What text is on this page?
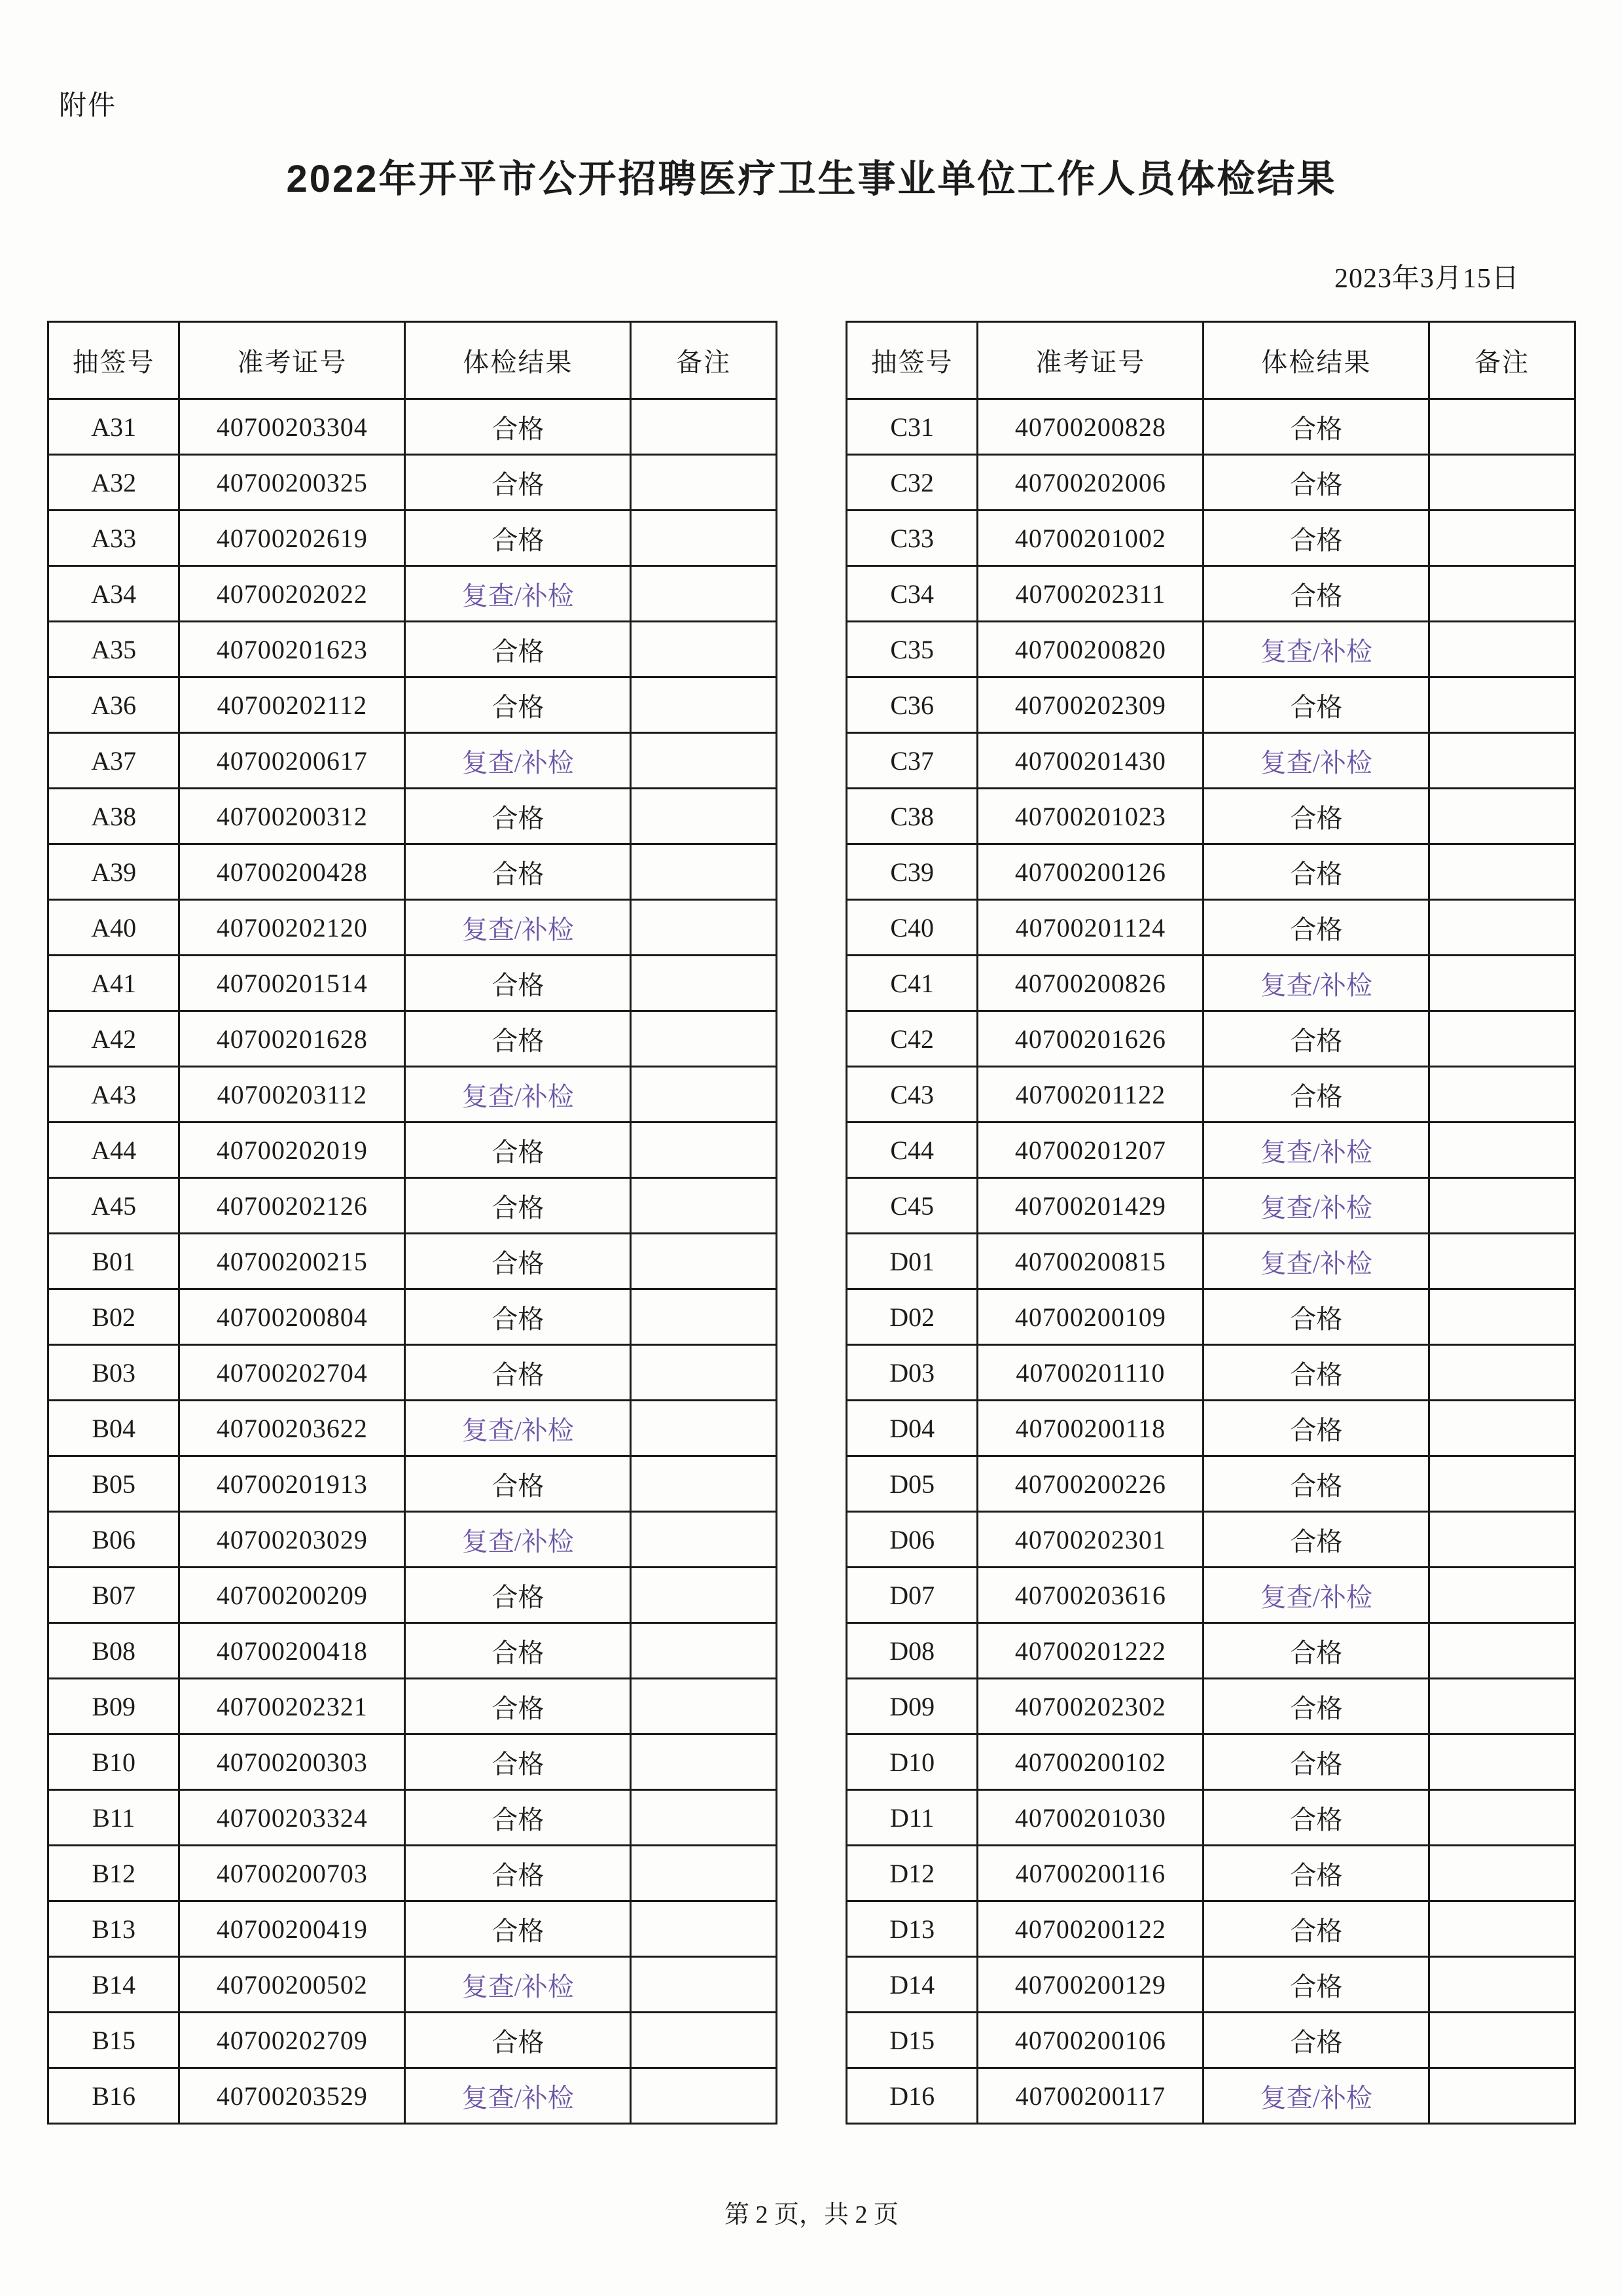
附件
2022年开平市公开招聘医疗卫生事业单位工作人员体检结果
2023年3月15日
抽签号	准考证号	体检结果	备注
A31	40700203304	合格	
A32	40700200325	合格	
A33	40700202619	合格	
A34	40700202022	复查/补检	
A35	40700201623	合格	
A36	40700202112	合格	
A37	40700200617	复查/补检	
A38	40700200312	合格	
A39	40700200428	合格	
A40	40700202120	复查/补检	
A41	40700201514	合格	
A42	40700201628	合格	
A43	40700203112	复查/补检	
A44	40700202019	合格	
A45	40700202126	合格	
B01	40700200215	合格	
B02	40700200804	合格	
B03	40700202704	合格	
B04	40700203622	复查/补检	
B05	40700201913	合格	
B06	40700203029	复查/补检	
B07	40700200209	合格	
B08	40700200418	合格	
B09	40700202321	合格	
B10	40700200303	合格	
B11	40700203324	合格	
B12	40700200703	合格	
B13	40700200419	合格	
B14	40700200502	复查/补检	
B15	40700202709	合格	
B16	40700203529	复查/补检	
抽签号	准考证号	体检结果	备注
C31	40700200828	合格	
C32	40700202006	合格	
C33	40700201002	合格	
C34	40700202311	合格	
C35	40700200820	复查/补检	
C36	40700202309	合格	
C37	40700201430	复查/补检	
C38	40700201023	合格	
C39	40700200126	合格	
C40	40700201124	合格	
C41	40700200826	复查/补检	
C42	40700201626	合格	
C43	40700201122	合格	
C44	40700201207	复查/补检	
C45	40700201429	复查/补检	
D01	40700200815	复查/补检	
D02	40700200109	合格	
D03	40700201110	合格	
D04	40700200118	合格	
D05	40700200226	合格	
D06	40700202301	合格	
D07	40700203616	复查/补检	
D08	40700201222	合格	
D09	40700202302	合格	
D10	40700200102	合格	
D11	40700201030	合格	
D12	40700200116	合格	
D13	40700200122	合格	
D14	40700200129	合格	
D15	40700200106	合格	
D16	40700200117	复查/补检	
第 2 页，共 2 页
